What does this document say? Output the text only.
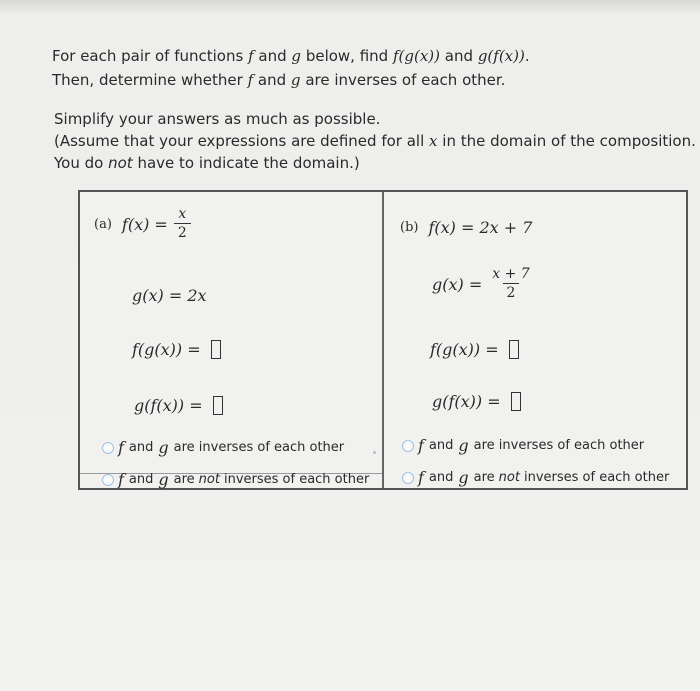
For each pair of functions f and g below, find f(g(x)) and g(f(x)).

Then, determine whether f and g are inverses of each other.

Simplify your answers as much as possible.

(Assume that your expressions are defined for all x in the domain of the composition.

You do not have to indicate the domain.)

(a) $f(x) = \frac{x}{2}$
g(x) = 2x
f(g(x)) =
g(f(x)) =
f and g are inverses of each other
f and g are not inverses of each other
(b) f(x) = 2x + 7
$g(x) = \frac{x + 7}{2}$
f(g(x)) =
g(f(x)) =
f and g are inverses of each other
f and g are not inverses of each other
